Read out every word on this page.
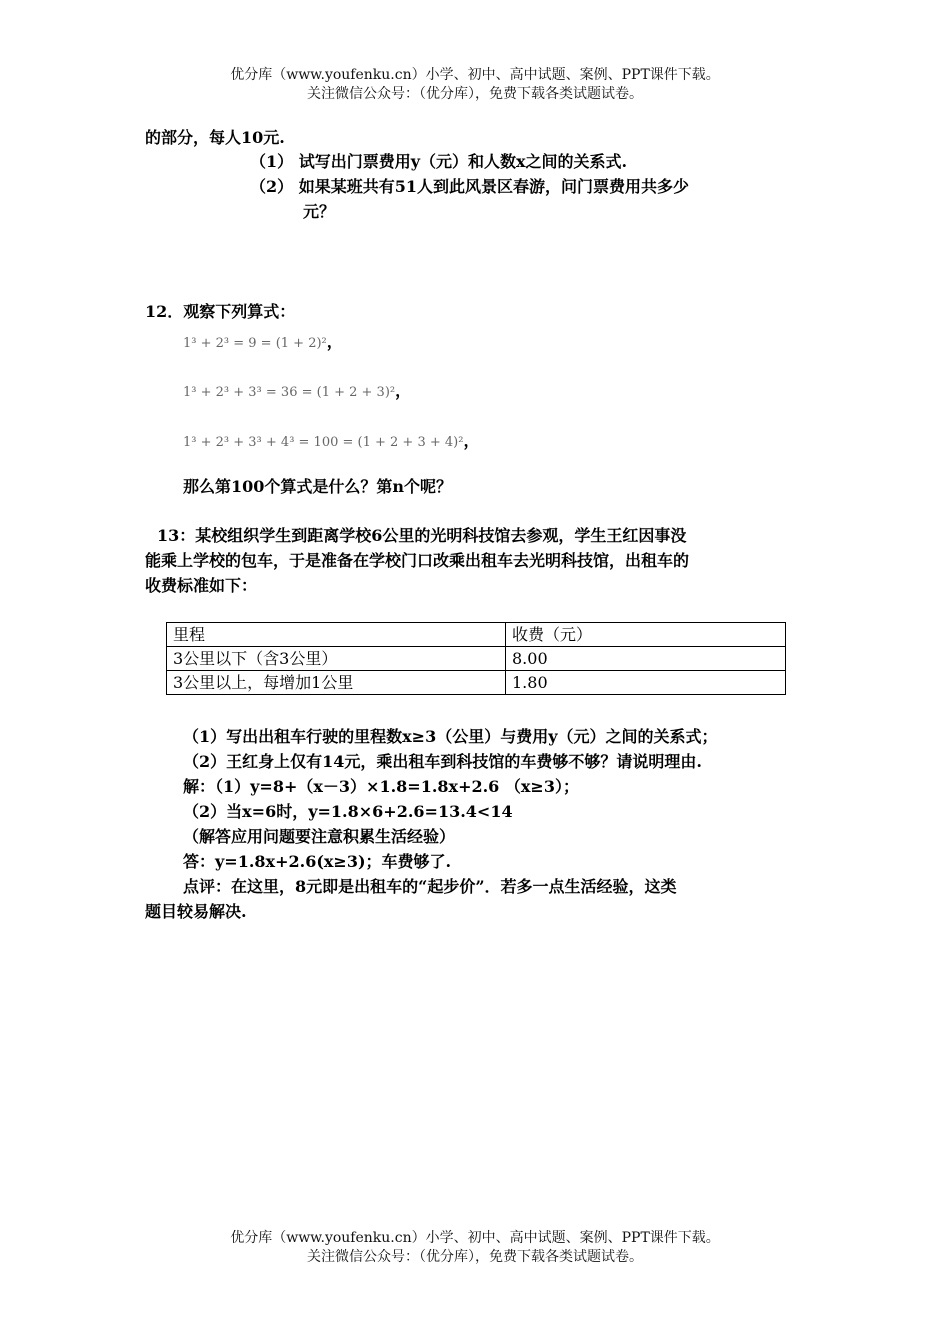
优分库（www.youfenku.cn）小学、初中、高中试题、案例、PPT课件下载。
关注微信公众号：（优分库），免费下载各类试题试卷。
的部分，每人10元.
（1） 试写出门票费用y（元）和人数x之间的关系式.
（2） 如果某班共有51人到此风景区春游，问门票费用共多少
元？
12．观察下列算式：
1³ + 2³ = 9 = (1 + 2)²，
1³ + 2³ + 3³ = 36 = (1 + 2 + 3)²，
1³ + 2³ + 3³ + 4³ = 100 = (1 + 2 + 3 + 4)²，
那么第100个算式是什么？第n个呢？
13：某校组织学生到距离学校6公里的光明科技馆去参观，学生王红因事没
能乘上学校的包车，于是准备在学校门口改乘出租车去光明科技馆，出租车的
收费标准如下：
里程	收费（元）
3公里以下（含3公里）	8.00
3公里以上，每增加1公里	1.80
（1）写出出租车行驶的里程数x≥3（公里）与费用y（元）之间的关系式；
（2）王红身上仅有14元，乘出租车到科技馆的车费够不够？请说明理由.
解：（1）y=8+（x－3）×1.8=1.8x+2.6 （x≥3）；
（2）当x=6时，y=1.8×6+2.6=13.4<14
（解答应用问题要注意积累生活经验）
答：y=1.8x+2.6(x≥3)；车费够了.
点评：在这里，8元即是出租车的“起步价”．若多一点生活经验，这类
题目较易解决.
优分库（www.youfenku.cn）小学、初中、高中试题、案例、PPT课件下载。
关注微信公众号：（优分库），免费下载各类试题试卷。
